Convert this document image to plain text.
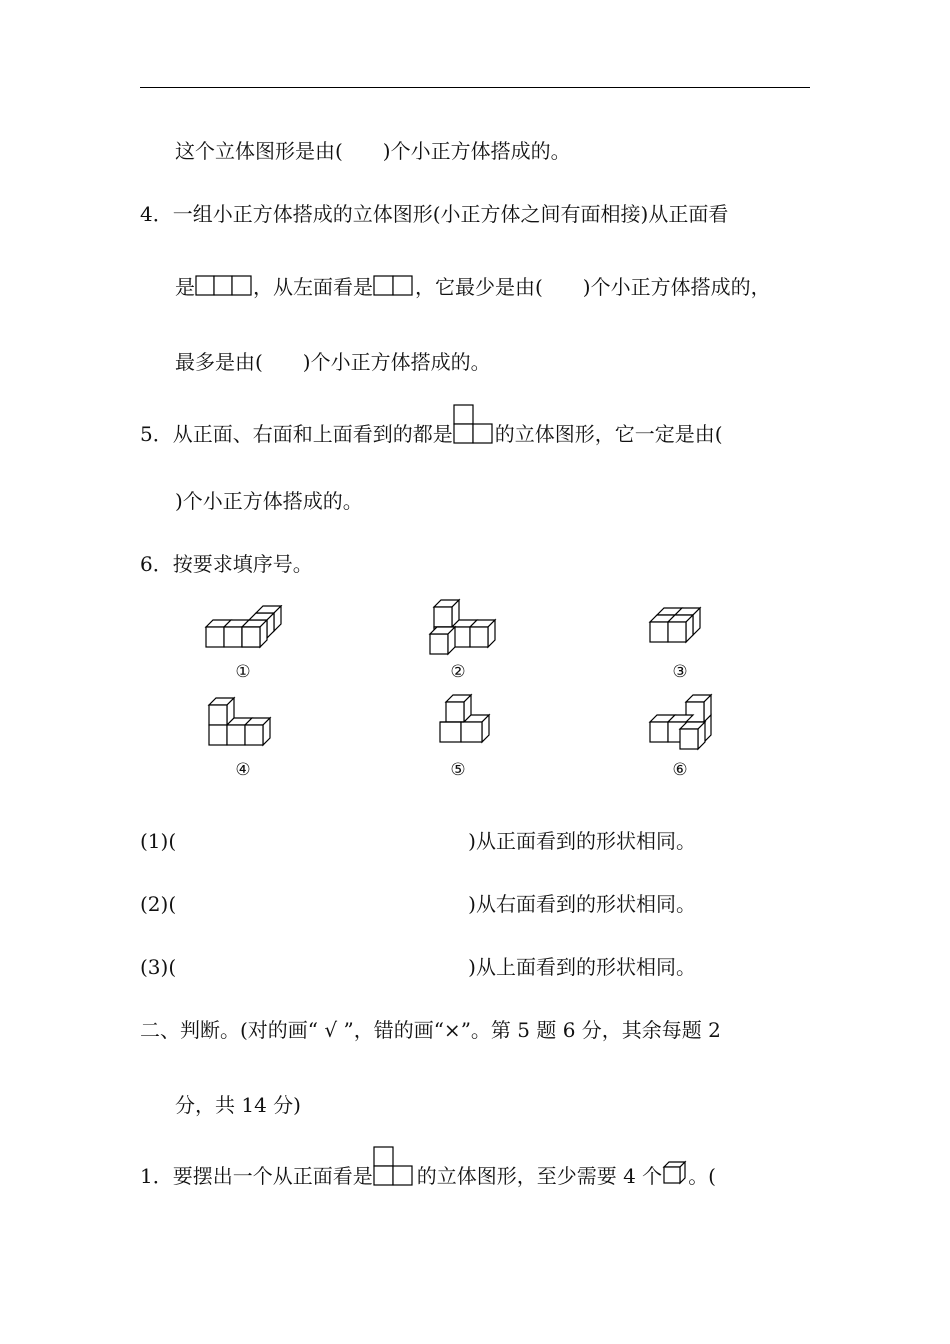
这个立体图形是由(　　)个小正方体搭成的。
4．一组小正方体搭成的立体图形(小正方体之间有面相接)从正面看
是	，从左面看是 ，它最少是由(　　)个小正方体搭成的，
最多是由(　　)个小正方体搭成的。
5．从正面、右面和上面看到的都是 的立体图形，它一定是由(
)个小正方体搭成的。
6．按要求填序号。
①	②	③
④	⑤	⑥
(1)(	)从正面看到的形状相同。
(2)(	)从右面看到的形状相同。
(3)(	)从上面看到的形状相同。
二、判断。(对的画“ √ ”，错的画“×”。第 5 题 6 分，其余每题 2
分，共 14 分)
1．要摆出一个从正面看是 的立体图形，至少需要 4 个 。(
